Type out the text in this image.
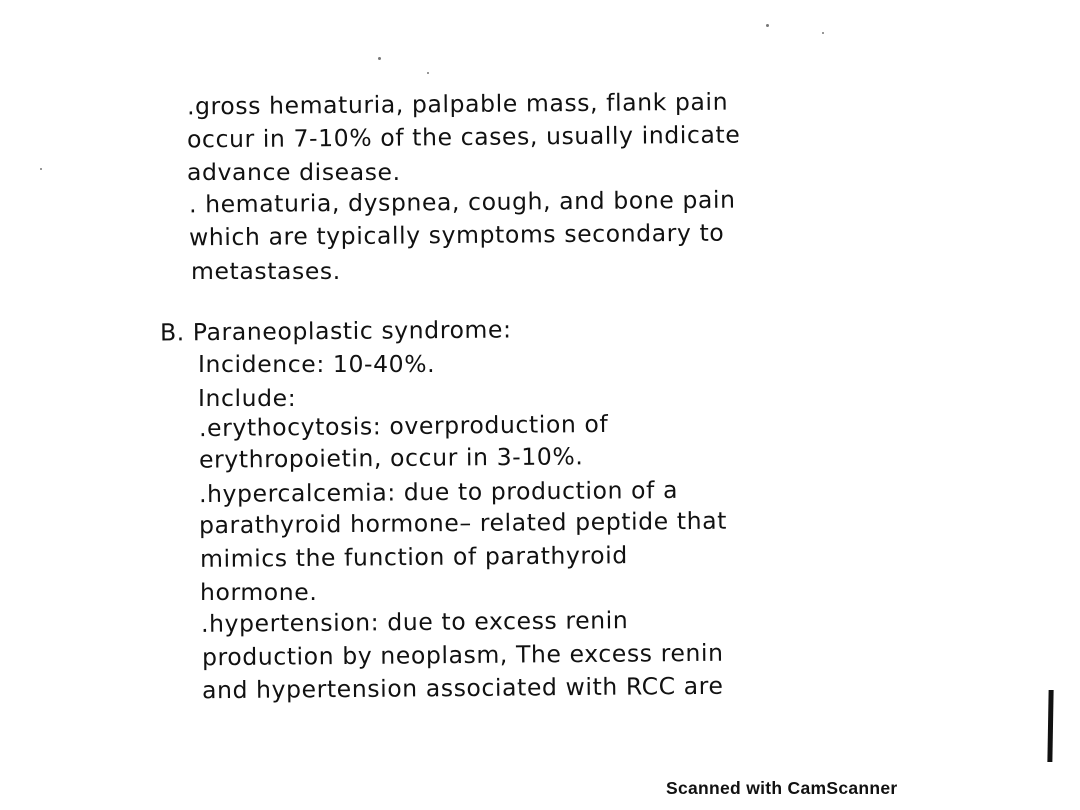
.gross hematuria, palpable mass, flank pain
occur in 7-10% of the cases, usually indicate
advance disease.
. hematuria, dyspnea, cough, and bone pain
which are typically symptoms secondary to
metastases.
B. Paraneoplastic syndrome:
Incidence: 10-40%.
Include:
.erythocytosis: overproduction of
erythropoietin, occur in 3-10%.
.hypercalcemia: due to production of a
parathyroid hormone– related peptide that
mimics the function of parathyroid
hormone.
.hypertension: due to excess renin
production by neoplasm, The excess renin
and hypertension associated with RCC are
Scanned with CamScanner
